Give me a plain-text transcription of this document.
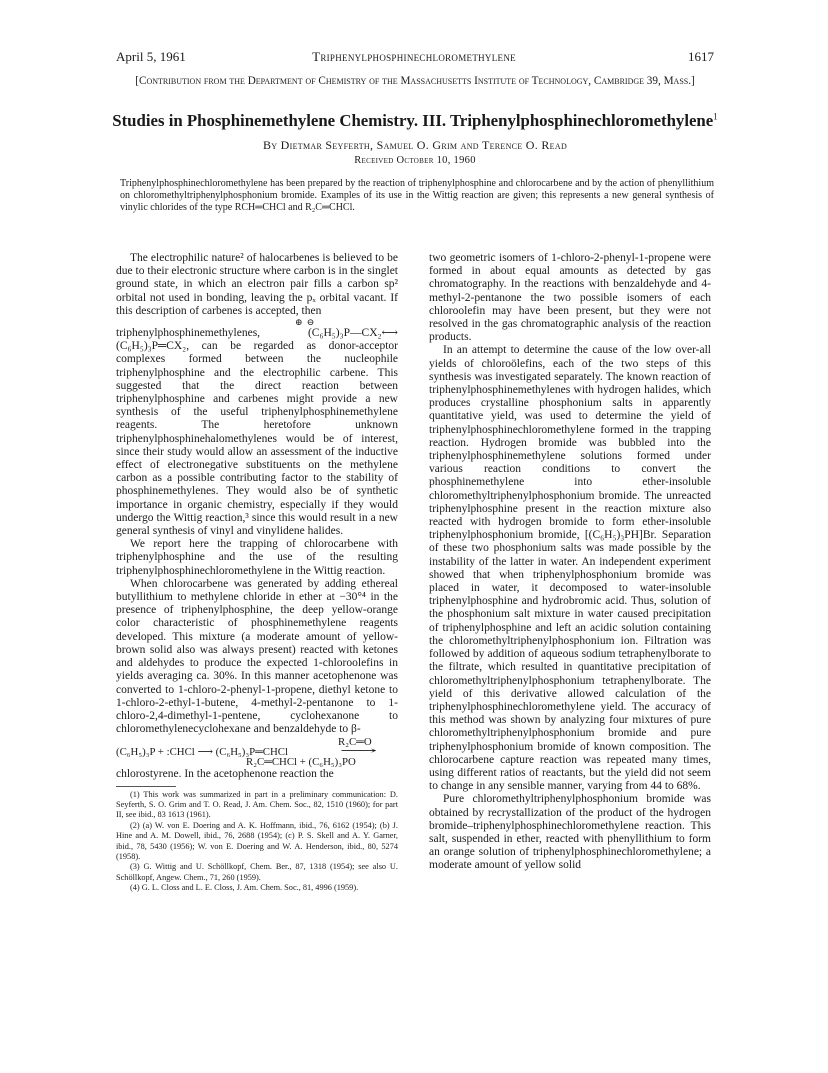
April 5, 1961	Triphenylphosphinechloromethylene	1617
[Contribution from the Department of Chemistry of the Massachusetts Institute of Technology, Cambridge 39, Mass.]
Studies in Phosphinemethylene Chemistry. III. Triphenylphosphinechloromethylene$^1$
By Dietmar Seyferth, Samuel O. Grim and Terence O. Read
Received October 10, 1960
Triphenylphosphinechloromethylene has been prepared by the reaction of triphenylphosphine and chlorocarbene and by the action of phenyllithium on chloromethyltriphenylphosphonium bromide. Examples of its use in the Wittig reaction are given; this represents a new general synthesis of vinylic chlorides of the type RCH═CHCl and R₂C═CHCl.

The electrophilic nature² of halocarbenes is believed to be due to their electronic structure where carbon is in the singlet ground state, in which an electron pair fills a carbon sp² orbital not used in bonding, leaving the pₓ orbital vacant. If this description of carbenes is accepted, then

⊕ ⊖

triphenylphosphinemethylenes, (C₆H₅)₃P—CX₂⟷ (C₆H₅)₃P═CX₂, can be regarded as donor-acceptor complexes formed between the nucleophile triphenylphosphine and the electrophilic carbene. This suggested that the direct reaction between triphenylphosphine and carbenes might provide a new synthesis of the useful triphenylphosphinemethylene reagents. The heretofore unknown triphenylphosphinehalomethylenes would be of interest, since their study would allow an assessment of the inductive effect of electronegative substituents on the methylene carbon as a possible contributing factor to the stability of phosphinemethylenes. They would also be of synthetic importance in organic chemistry, especially if they would undergo the Wittig reaction,³ since this would result in a new general synthesis of vinyl and vinylidene halides.

We report here the trapping of chlorocarbene with triphenylphosphine and the use of the resulting triphenylphosphinechloromethylene in the Wittig reaction.

When chlorocarbene was generated by adding ethereal butyllithium to methylene chloride in ether at −30°⁴ in the presence of triphenylphosphine, the deep yellow-orange color characteristic of phosphinemethylene reagents developed. This mixture (a moderate amount of yellow-brown solid also was always present) reacted with ketones and aldehydes to produce the expected 1-chloroolefins in yields averaging ca. 30%. In this manner acetophenone was converted to 1-chloro-2-phenyl-1-propene, diethyl ketone to 1-chloro-2-ethyl-1-butene, 4-methyl-2-pentanone to 1-chloro-2,4-dimethyl-1-pentene, cyclohexanone to chloromethylenecyclohexane and benzaldehyde to β-

(C₆H₅)₃P + :CHCl ⟶ (C₆H₅)₃P═CHCl
R₂C═O
⟶
R₂C═CHCl + (C₆H₅)₃PO

chlorostyrene. In the acetophenone reaction the

(1) This work was summarized in part in a preliminary communication: D. Seyferth, S. O. Grim and T. O. Read, J. Am. Chem. Soc., 82, 1510 (1960); for part II, see ibid., 83 1613 (1961).

(2) (a) W. von E. Doering and A. K. Hoffmann, ibid., 76, 6162 (1954); (b) J. Hine and A. M. Dowell, ibid., 76, 2688 (1954); (c) P. S. Skell and A. Y. Garner, ibid., 78, 5430 (1956); W. von E. Doering and W. A. Henderson, ibid., 80, 5274 (1958).

(3) G. Wittig and U. Schöllkopf, Chem. Ber., 87, 1318 (1954); see also U. Schöllkopf, Angew. Chem., 71, 260 (1959).

(4) G. L. Closs and L. E. Closs, J. Am. Chem. Soc., 81, 4996 (1959).

two geometric isomers of 1-chloro-2-phenyl-1-propene were formed in about equal amounts as detected by gas chromatography. In the reactions with benzaldehyde and 4-methyl-2-pentanone the two possible isomers of each chloroolefin may have been present, but they were not resolved in the gas chromatographic analysis of the reaction products.

In an attempt to determine the cause of the low over-all yields of chloroölefins, each of the two steps of this synthesis was investigated separately. The known reaction of triphenylphosphinemethylenes with hydrogen halides, which produces crystalline phosphonium salts in apparently quantitative yield, was used to determine the yield of triphenylphosphinechloromethylene formed in the trapping reaction. Hydrogen bromide was bubbled into the triphenylphosphinemethylene solutions formed under various reaction conditions to convert the phosphinemethylene into ether-insoluble chloromethyltriphenylphosphonium bromide. The unreacted triphenylphosphine present in the reaction mixture also reacted with hydrogen bromide to form ether-insoluble triphenylphosphonium bromide, [(C₆H₅)₃PH]Br. Separation of these two phosphonium salts was made possible by the instability of the latter in water. An independent experiment showed that when triphenylphosphonium bromide was placed in water, it decomposed to water-insoluble triphenylphosphine and hydrobromic acid. Thus, solution of the phosphonium salt mixture in water caused precipitation of triphenylphosphine and left an acidic solution containing the chloromethyltriphenylphosphonium ion. Filtration was followed by addition of aqueous sodium tetraphenylborate to the filtrate, which resulted in quantitative precipitation of chloromethyltriphenylphosphonium tetraphenylborate. The yield of this derivative allowed calculation of the triphenylphosphinechloromethylene yield. The accuracy of this method was shown by analyzing four mixtures of pure chloromethyltriphenylphosphonium bromide and pure triphenylphosphonium bromide of known composition. The chlorocarbene capture reaction was repeated many times, using different ratios of reactants, but the yield did not seem to change in any sensible manner, varying from 44 to 68%.

Pure chloromethyltriphenylphosphonium bromide was obtained by recrystallization of the product of the hydrogen bromide–triphenylphosphinechloromethylene reaction. This salt, suspended in ether, reacted with phenyllithium to form an orange solution of triphenylphosphinechloromethylene; a moderate amount of yellow solid
